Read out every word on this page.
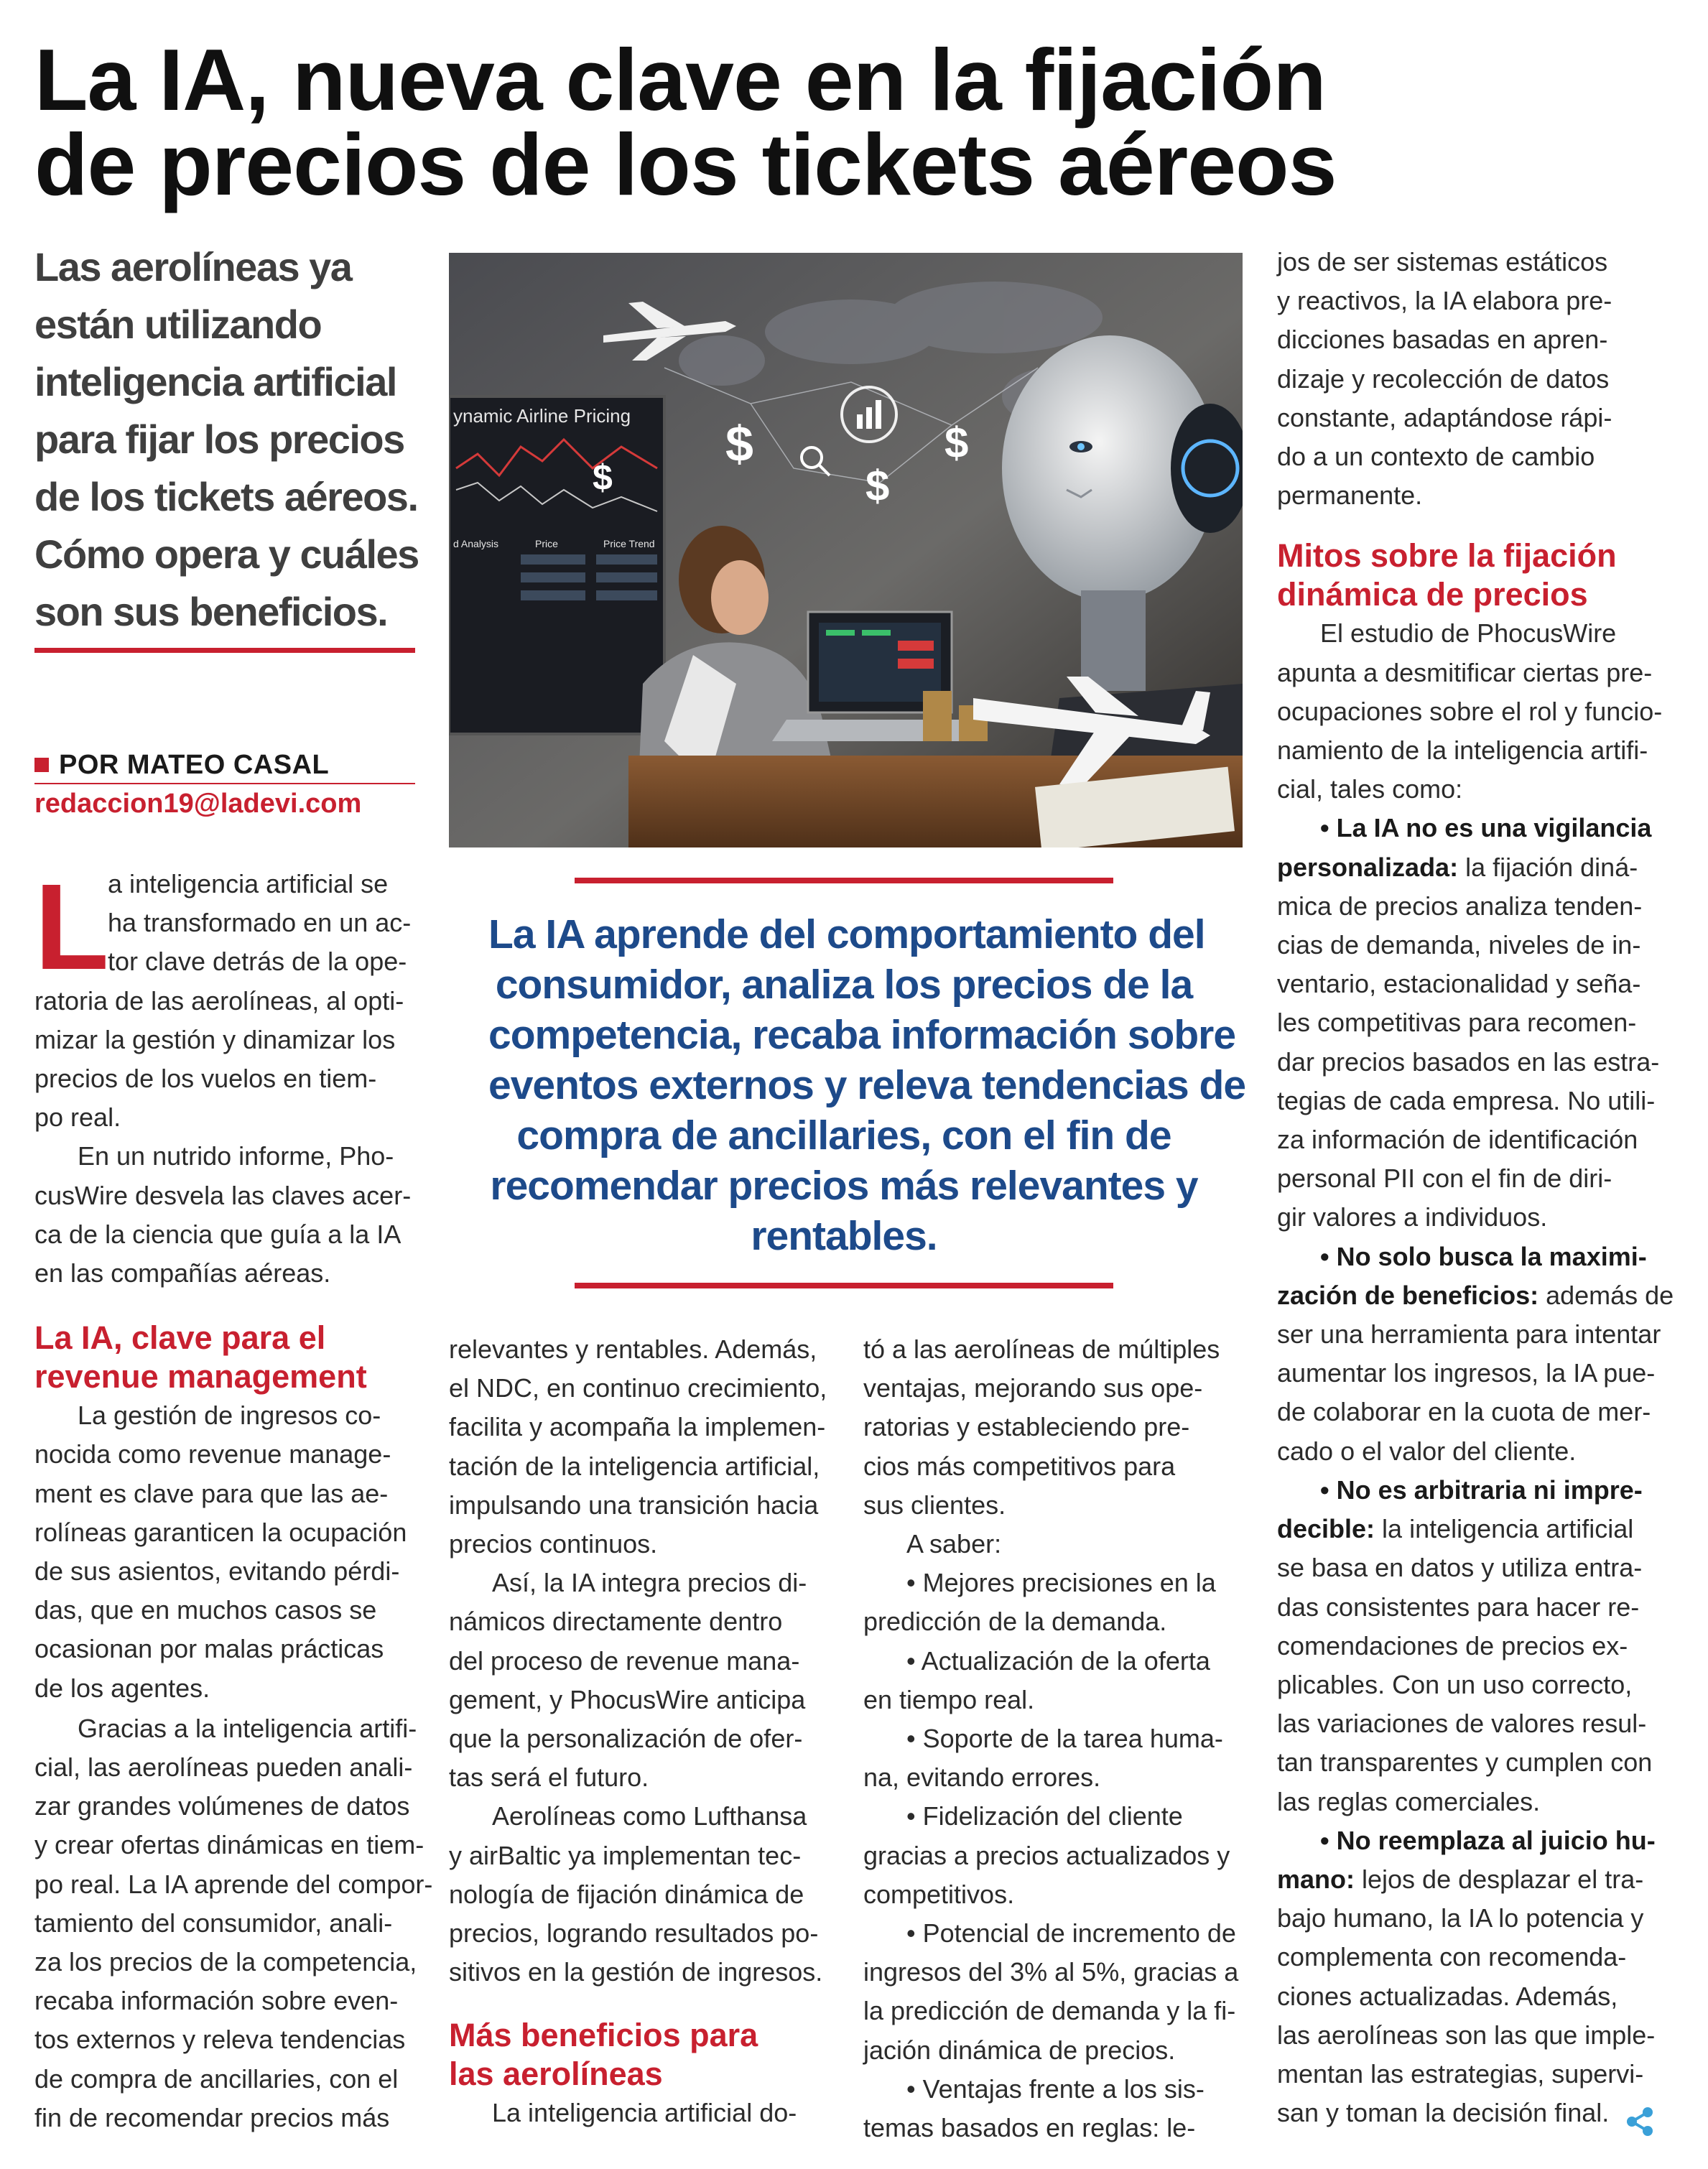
La IA, nueva clave en la fijación
de precios de los tickets aéreos
Las aerolíneas ya
están utilizando
inteligencia artificial
para fijar los precios
de los tickets aéreos.
Cómo opera y cuáles
son sus beneficios.
POR MATEO CASAL
redaccion19@ladevi.com
ynamic Airline Pricing
d Analysis	Price	Price Trend
$
$
$
$
La IA aprende del comportamiento del
consumidor, analiza los precios de la
competencia, recaba información sobre
eventos externos y releva tendencias de
compra de ancillaries, con el fin de
recomendar precios más relevantes y
rentables.
L
a inteligencia artificial se
ha transformado en un ac-
tor clave detrás de la ope-
ratoria de las aerolíneas, al opti-
mizar la gestión y dinamizar los
precios de los vuelos en tiem-
po real.
En un nutrido informe, Pho-
cusWire desvela las claves acer-
ca de la ciencia que guía a la IA
en las compañías aéreas.
La IA, clave para el
revenue management
La gestión de ingresos co-
nocida como revenue manage-
ment es clave para que las ae-
rolíneas garanticen la ocupación
de sus asientos, evitando pérdi-
das, que en muchos casos se
ocasionan por malas prácticas
de los agentes.
Gracias a la inteligencia artifi-
cial, las aerolíneas pueden anali-
zar grandes volúmenes de datos
y crear ofertas dinámicas en tiem-
po real. La IA aprende del compor-
tamiento del consumidor, anali-
za los precios de la competencia,
recaba información sobre even-
tos externos y releva tendencias
de compra de ancillaries, con el
fin de recomendar precios más
relevantes y rentables. Además,
el NDC, en continuo crecimiento,
facilita y acompaña la implemen-
tación de la inteligencia artificial,
impulsando una transición hacia
precios continuos.
Así, la IA integra precios di-
námicos directamente dentro
del proceso de revenue mana-
gement, y PhocusWire anticipa
que la personalización de ofer-
tas será el futuro.
Aerolíneas como Lufthansa
y airBaltic ya implementan tec-
nología de fijación dinámica de
precios, logrando resultados po-
sitivos en la gestión de ingresos.
Más beneficios para
las aerolíneas
La inteligencia artificial do-
tó a las aerolíneas de múltiples
ventajas, mejorando sus ope-
ratorias y estableciendo pre-
cios más competitivos para
sus clientes.
A saber:
• Mejores precisiones en la
predicción de la demanda.
• Actualización de la oferta
en tiempo real.
• Soporte de la tarea huma-
na, evitando errores.
• Fidelización del cliente
gracias a precios actualizados y
competitivos.
• Potencial de incremento de
ingresos del 3% al 5%, gracias a
la predicción de demanda y la fi-
jación dinámica de precios.
• Ventajas frente a los sis-
temas basados en reglas: le-
jos de ser sistemas estáticos
y reactivos, la IA elabora pre-
dicciones basadas en apren-
dizaje y recolección de datos
constante, adaptándose rápi-
do a un contexto de cambio
permanente.
Mitos sobre la fijación
dinámica de precios
El estudio de PhocusWire
apunta a desmitificar ciertas pre-
ocupaciones sobre el rol y funcio-
namiento de la inteligencia artifi-
cial, tales como:
• La IA no es una vigilancia
personalizada: la fijación diná-
mica de precios analiza tenden-
cias de demanda, niveles de in-
ventario, estacionalidad y seña-
les competitivas para recomen-
dar precios basados en las estra-
tegias de cada empresa. No utili-
za información de identificación
personal PII con el fin de diri-
gir valores a individuos.
• No solo busca la maximi-
zación de beneficios: además de
ser una herramienta para intentar
aumentar los ingresos, la IA pue-
de colaborar en la cuota de mer-
cado o el valor del cliente.
• No es arbitraria ni impre-
decible: la inteligencia artificial
se basa en datos y utiliza entra-
das consistentes para hacer re-
comendaciones de precios ex-
plicables. Con un uso correcto,
las variaciones de valores resul-
tan transparentes y cumplen con
las reglas comerciales.
• No reemplaza al juicio hu-
mano: lejos de desplazar el tra-
bajo humano, la IA lo potencia y
complementa con recomenda-
ciones actualizadas. Además,
las aerolíneas son las que imple-
mentan las estrategias, supervi-
san y toman la decisión final.
